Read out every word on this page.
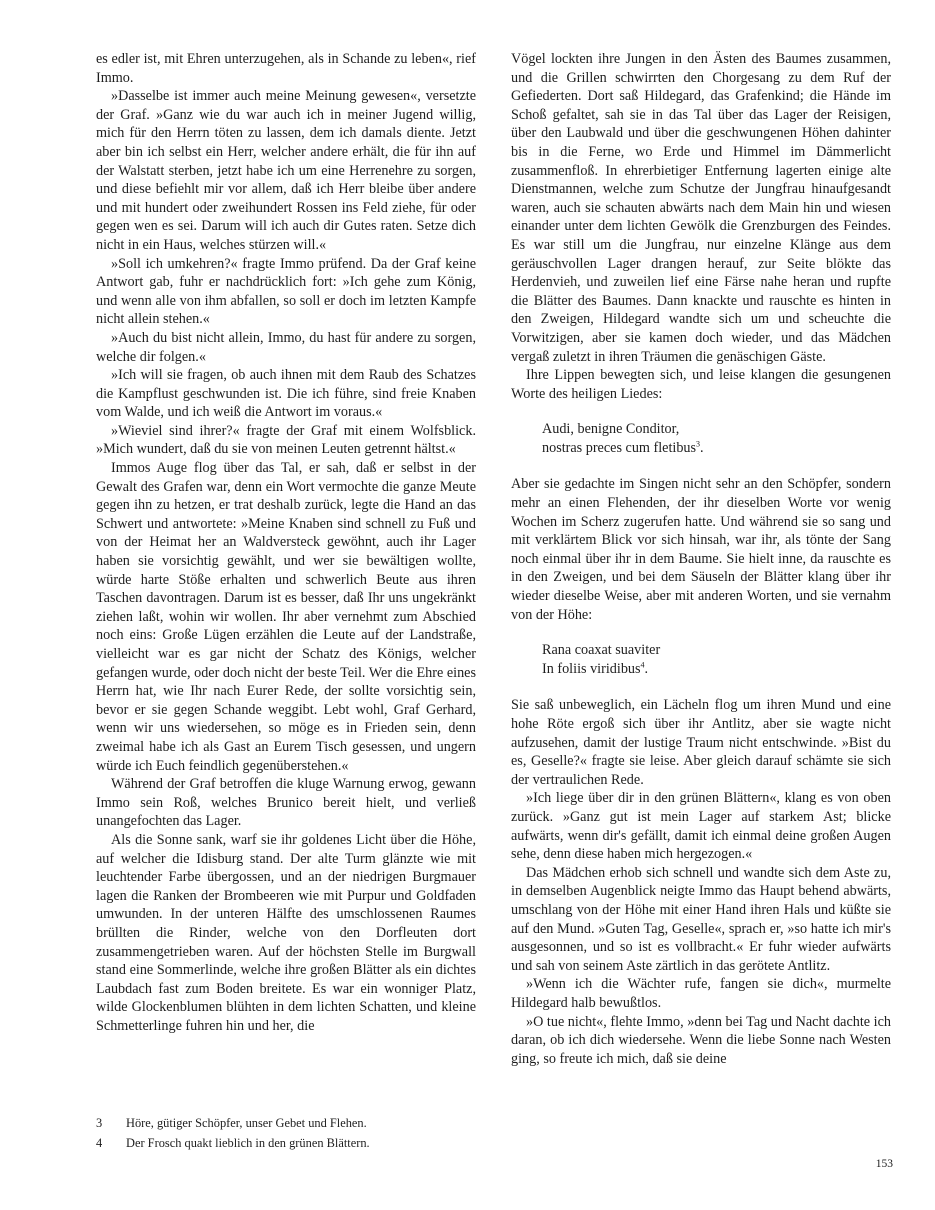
es edler ist, mit Ehren unterzugehen, als in Schande zu leben«, rief Immo.

»Dasselbe ist immer auch meine Meinung gewesen«, versetzte der Graf. »Ganz wie du war auch ich in meiner Jugend willig, mich für den Herrn töten zu lassen, dem ich damals diente. Jetzt aber bin ich selbst ein Herr, welcher andere erhält, die für ihn auf der Walstatt sterben, jetzt habe ich um eine Herrenehre zu sorgen, und diese befiehlt mir vor allem, daß ich Herr bleibe über andere und mit hundert oder zweihundert Rossen ins Feld ziehe, für oder gegen wen es sei. Darum will ich auch dir Gutes raten. Setze dich nicht in ein Haus, welches stürzen will.«

»Soll ich umkehren?« fragte Immo prüfend. Da der Graf keine Antwort gab, fuhr er nachdrücklich fort: »Ich gehe zum König, und wenn alle von ihm abfallen, so soll er doch im letzten Kampfe nicht allein stehen.«

»Auch du bist nicht allein, Immo, du hast für andere zu sorgen, welche dir folgen.«

»Ich will sie fragen, ob auch ihnen mit dem Raub des Schatzes die Kampflust geschwunden ist. Die ich führe, sind freie Knaben vom Walde, und ich weiß die Antwort im voraus.«

»Wieviel sind ihrer?« fragte der Graf mit einem Wolfsblick. »Mich wundert, daß du sie von meinen Leuten getrennt hältst.«

Immos Auge flog über das Tal, er sah, daß er selbst in der Gewalt des Grafen war, denn ein Wort vermochte die ganze Meute gegen ihn zu hetzen, er trat deshalb zurück, legte die Hand an das Schwert und antwortete: »Meine Knaben sind schnell zu Fuß und von der Heimat her an Waldversteck gewöhnt, auch ihr Lager haben sie vorsichtig gewählt, und wer sie bewältigen wollte, würde harte Stöße erhalten und schwerlich Beute aus ihren Taschen davontragen. Darum ist es besser, daß Ihr uns ungekränkt ziehen laßt, wohin wir wollen. Ihr aber vernehmt zum Abschied noch eins: Große Lügen erzählen die Leute auf der Landstraße, vielleicht war es gar nicht der Schatz des Königs, welcher gefangen wurde, oder doch nicht der beste Teil. Wer die Ehre eines Herrn hat, wie Ihr nach Eurer Rede, der sollte vorsichtig sein, bevor er sie gegen Schande weggibt. Lebt wohl, Graf Gerhard, wenn wir uns wiedersehen, so möge es in Frieden sein, denn zweimal habe ich als Gast an Eurem Tisch gesessen, und ungern würde ich Euch feindlich gegenüberstehen.«

Während der Graf betroffen die kluge Warnung erwog, gewann Immo sein Roß, welches Brunico bereit hielt, und verließ unangefochten das Lager.

Als die Sonne sank, warf sie ihr goldenes Licht über die Höhe, auf welcher die Idisburg stand. Der alte Turm glänzte wie mit leuchtender Farbe übergossen, und an der niedrigen Burgmauer lagen die Ranken der Brombeeren wie mit Purpur und Goldfaden umwunden. In der unteren Hälfte des umschlossenen Raumes brüllten die Rinder, welche von den Dorfleuten dort zusammengetrieben waren. Auf der höchsten Stelle im Burgwall stand eine Sommerlinde, welche ihre großen Blätter als ein dichtes Laubdach fast zum Boden breitete. Es war ein wonniger Platz, wilde Glockenblumen blühten in dem lichten Schatten, und kleine Schmetterlinge fuhren hin und her, die

Vögel lockten ihre Jungen in den Ästen des Baumes zusammen, und die Grillen schwirrten den Chorgesang zu dem Ruf der Gefiederten. Dort saß Hildegard, das Grafenkind; die Hände im Schoß gefaltet, sah sie in das Tal über das Lager der Reisigen, über den Laubwald und über die geschwungenen Höhen dahinter bis in die Ferne, wo Erde und Himmel im Dämmerlicht zusammenfloß. In ehrerbietiger Entfernung lagerten einige alte Dienstmannen, welche zum Schutze der Jungfrau hinaufgesandt waren, auch sie schauten abwärts nach dem Main hin und wiesen einander unter dem lichten Gewölk die Grenzburgen des Feindes. Es war still um die Jungfrau, nur einzelne Klänge aus dem geräuschvollen Lager drangen herauf, zur Seite blökte das Herdenvieh, und zuweilen lief eine Färse nahe heran und rupfte die Blätter des Baumes. Dann knackte und rauschte es hinten in den Zweigen, Hildegard wandte sich um und scheuchte die Vorwitzigen, aber sie kamen doch wieder, und das Mädchen vergaß zuletzt in ihren Träumen die genäschigen Gäste.

Ihre Lippen bewegten sich, und leise klangen die gesungenen Worte des heiligen Liedes:

Audi, benigne Conditor,
nostras preces cum fletibus$^3$.

Aber sie gedachte im Singen nicht sehr an den Schöpfer, sondern mehr an einen Flehenden, der ihr dieselben Worte vor wenig Wochen im Scherz zugerufen hatte. Und während sie so sang und mit verklärtem Blick vor sich hinsah, war ihr, als tönte der Sang noch einmal über ihr in dem Baume. Sie hielt inne, da rauschte es in den Zweigen, und bei dem Säuseln der Blätter klang über ihr wieder dieselbe Weise, aber mit anderen Worten, und sie vernahm von der Höhe:

Rana coaxat suaviter
In foliis viridibus$^4$.

Sie saß unbeweglich, ein Lächeln flog um ihren Mund und eine hohe Röte ergoß sich über ihr Antlitz, aber sie wagte nicht aufzusehen, damit der lustige Traum nicht entschwinde. »Bist du es, Geselle?« fragte sie leise. Aber gleich darauf schämte sie sich der vertraulichen Rede.

»Ich liege über dir in den grünen Blättern«, klang es von oben zurück. »Ganz gut ist mein Lager auf starkem Ast; blicke aufwärts, wenn dir's gefällt, damit ich einmal deine großen Augen sehe, denn diese haben mich hergezogen.«

Das Mädchen erhob sich schnell und wandte sich dem Aste zu, in demselben Augenblick neigte Immo das Haupt behend abwärts, umschlang von der Höhe mit einer Hand ihren Hals und küßte sie auf den Mund. »Guten Tag, Geselle«, sprach er, »so hatte ich mir's ausgesonnen, und so ist es vollbracht.« Er fuhr wieder aufwärts und sah von seinem Aste zärtlich in das gerötete Antlitz.

»Wenn ich die Wächter rufe, fangen sie dich«, murmelte Hildegard halb bewußtlos.

»O tue nicht«, flehte Immo, »denn bei Tag und Nacht dachte ich daran, ob ich dich wiedersehe. Wenn die liebe Sonne nach Westen ging, so freute ich mich, daß sie deine

3	Höre, gütiger Schöpfer, unser Gebet und Flehen.
4	Der Frosch quakt lieblich in den grünen Blättern.
153
